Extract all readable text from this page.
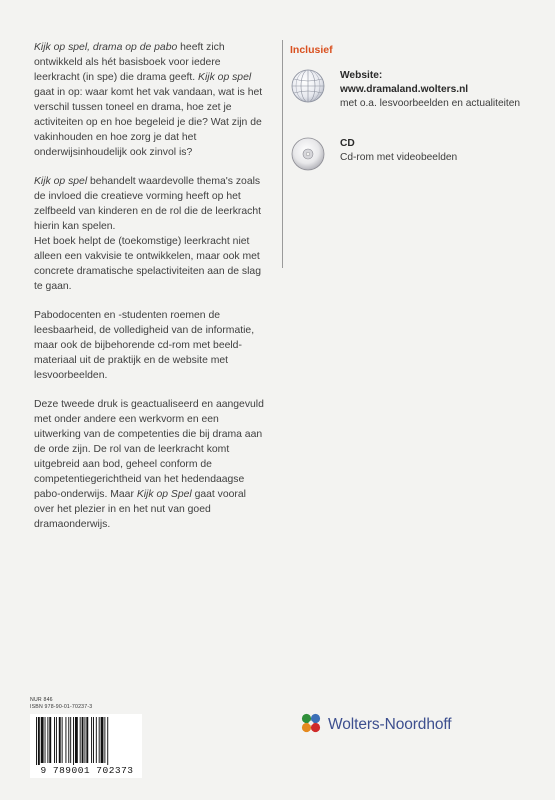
Kijk op spel, drama op de pabo heeft zich ontwikkeld als hét basisboek voor iedere leerkracht (in spe) die drama geeft. Kijk op spel gaat in op: waar komt het vak vandaan, wat is het verschil tussen toneel en drama, hoe zet je activiteiten op en hoe begeleid je die? Wat zijn de vakinhouden en hoe zorg je dat het onderwijsinhoudelijk ook zinvol is?

Kijk op spel behandelt waardevolle thema's zoals de invloed die creatieve vorming heeft op het zelfbeeld van kinderen en de rol die de leerkracht hierin kan spelen.

Het boek helpt de (toekomstige) leerkracht niet alleen een vakvisie te ontwikkelen, maar ook met concrete dramatische spelactiviteiten aan de slag te gaan.

Pabodocenten en -studenten roemen de leesbaarheid, de volledigheid van de informatie, maar ook de bijbehorende cd-rom met beeld-materiaal uit de praktijk en de website met lesvoorbeelden.

Deze tweede druk is geactualiseerd en aangevuld met onder andere een werkvorm en een uitwerking van de competenties die bij drama aan de orde zijn. De rol van de leerkracht komt uitgebreid aan bod, geheel conform de competentiegerichtheid van het hedendaagse pabo-onderwijs. Maar Kijk op Spel gaat vooral over het plezier in en het nut van goed dramaonderwijs.

Inclusief
Website:
www.dramaland.wolters.nl
met o.a. lesvoorbeelden en actualiteiten
CD
Cd-rom met videobeelden
NUR 846
ISBN 978-90-01-70237-3
9 789001 702373
Wolters-Noordhoff
